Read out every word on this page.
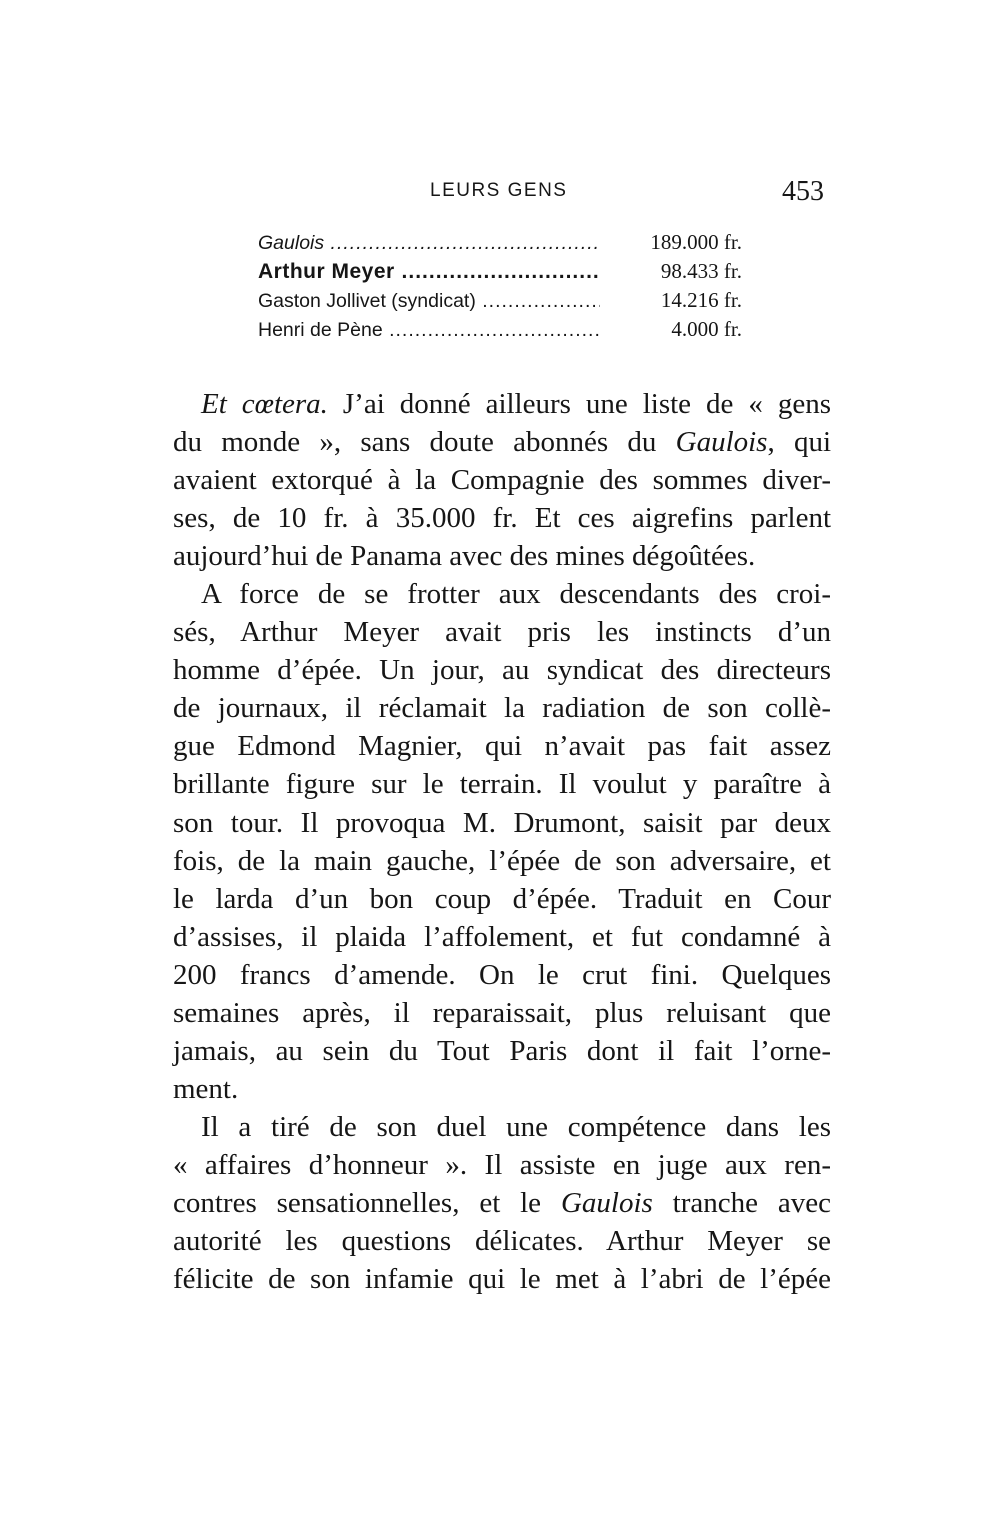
LEURS GENS	453
Gaulois .....	189.000 fr.
Arthur Meyer .....	98.433 fr.
Gaston Jollivet (syndicat) .....	14.216 fr.
Henri de Pène .....	4.000 fr.
Et cœtera. J’ai donné ailleurs une liste de « gens
du monde », sans doute abonnés du Gaulois, qui
avaient extorqué à la Compagnie des sommes diver-
ses, de 10 fr. à 35.000 fr. Et ces aigrefins parlent
aujourd’hui de Panama avec des mines dégoûtées.
A force de se frotter aux descendants des croi-
sés, Arthur Meyer avait pris les instincts d’un
homme d’épée. Un jour, au syndicat des directeurs
de journaux, il réclamait la radiation de son collè-
gue Edmond Magnier, qui n’avait pas fait assez
brillante figure sur le terrain. Il voulut y paraître à
son tour. Il provoqua M. Drumont, saisit par deux
fois, de la main gauche, l’épée de son adversaire, et
le larda d’un bon coup d’épée. Traduit en Cour
d’assises, il plaida l’affolement, et fut condamné à
200 francs d’amende. On le crut fini. Quelques
semaines après, il reparaissait, plus reluisant que
jamais, au sein du Tout Paris dont il fait l’orne-
ment.
Il a tiré de son duel une compétence dans les
« affaires d’honneur ». Il assiste en juge aux ren-
contres sensationnelles, et le Gaulois tranche avec
autorité les questions délicates. Arthur Meyer se
félicite de son infamie qui le met à l’abri de l’épée
